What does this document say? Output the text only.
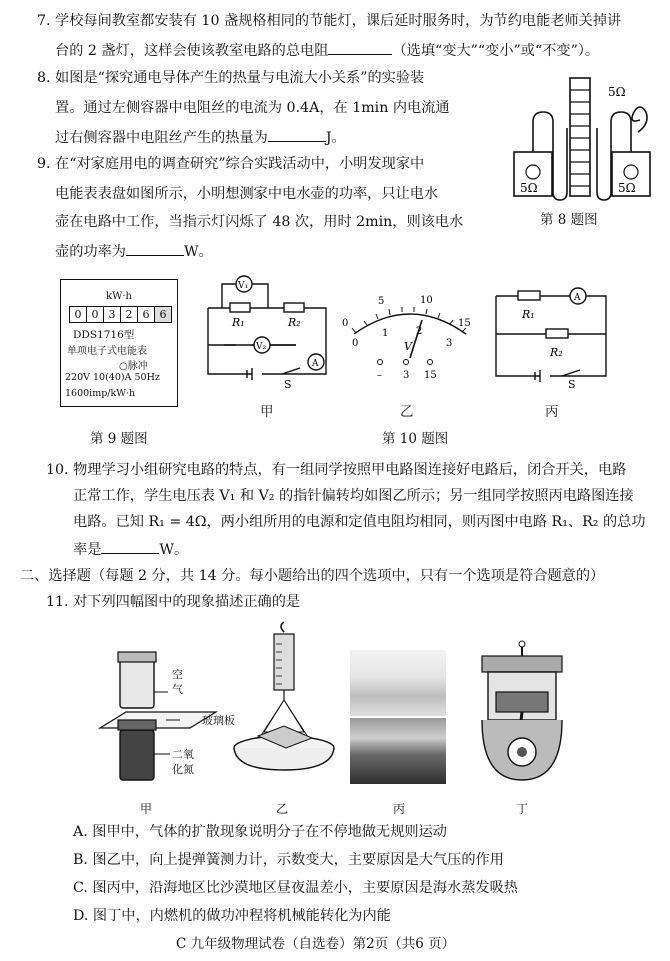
7. 学校每间教室都安装有 10 盏规格相同的节能灯，课后延时服务时，为节约电能老师关掉讲
台的 2 盏灯，这样会使该教室电路的总电阻	（选填“变大”“变小”或“不变”）。
8. 如图是“探究通电导体产生的热量与电流大小关系”的实验装
置。通过左侧容器中电阻丝的电流为 0.4A，在 1min 内电流通
过右侧容器中电阻丝产生的热量为	J。
5Ω
5Ω	5Ω
第 8 题图
9. 在“对家庭用电的调查研究”综合实践活动中，小明发现家中
电能表表盘如图所示，小明想测家中电水壶的功率，只让电水
壶在电路中工作，当指示灯闪烁了 48 次，用时 2min，则该电水
壶的功率为	W。
kW·h
0 0 3 2 6 6
DDS1716型
单项电子式电能表
○脉冲
220V 10(40)A 50Hz
1600imp/kW·h
第 9 题图
V₁
V₂
A
R₁	R₂
S
甲
5	10
0	15
0
1	2
3
V
– 3 15
乙
A
R₁
R₂
S
丙
第 10 题图
10. 物理学习小组研究电路的特点，有一组同学按照甲电路图连接好电路后，闭合开关，电路
正常工作，学生电压表 V₁ 和 V₂ 的指针偏转均如图乙所示；另一组同学按照丙电路图连接
电路。已知 R₁ = 4Ω，两小组所用的电源和定值电阻均相同，则丙图中电路 R₁、R₂ 的总功
率是	W。
二、选择题（每题 2 分，共 14 分。每小题给出的四个选项中，只有一个选项是符合题意的）
11. 对下列四幅图中的现象描述正确的是
空
气
玻璃板
二氧
化氮
甲	乙	丙	丁
A. 图甲中，气体的扩散现象说明分子在不停地做无规则运动
B. 图乙中，向上提弹簧测力计，示数变大，主要原因是大气压的作用
C. 图丙中，沿海地区比沙漠地区昼夜温差小，主要原因是海水蒸发吸热
D. 图丁中，内燃机的做功冲程将机械能转化为内能
C 九年级物理试卷（自选卷）第2页（共6 页）
